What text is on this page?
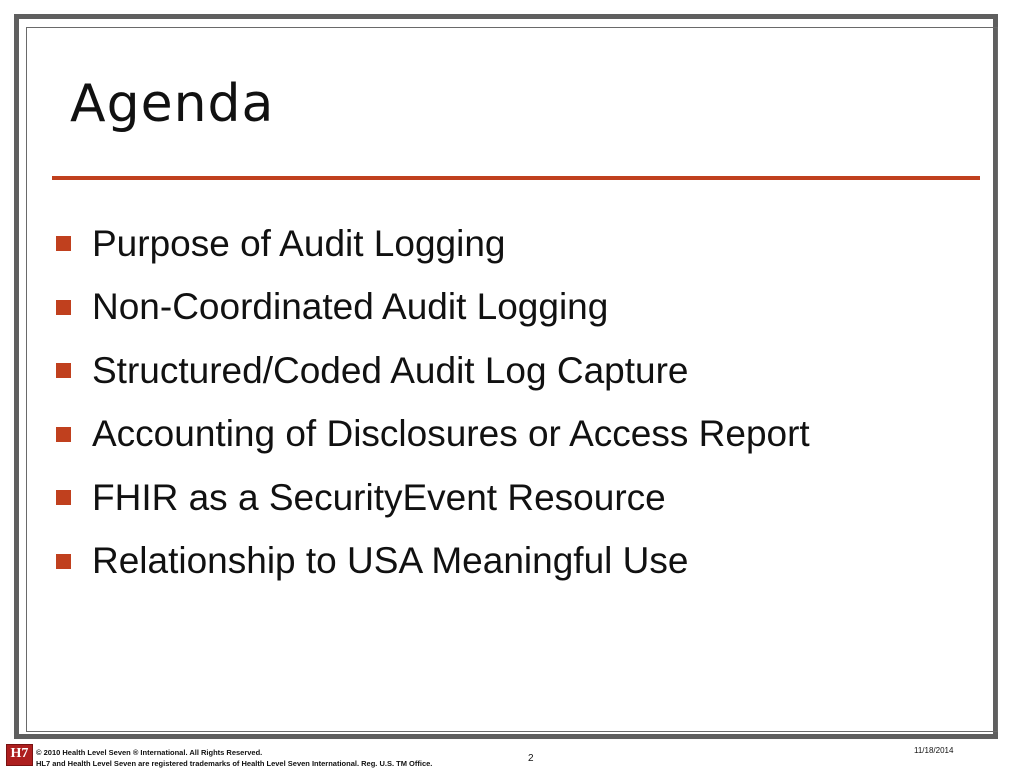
Agenda
Purpose of Audit Logging
Non-Coordinated Audit Logging
Structured/Coded Audit Log Capture
Accounting of Disclosures or Access Report
FHIR as a SecurityEvent Resource
Relationship to USA Meaningful Use
H7	© 2010 Health Level Seven ® International. All Rights Reserved.
HL7 and Health Level Seven are registered trademarks of Health Level Seven International. Reg. U.S. TM Office.	2
11/18/2014
